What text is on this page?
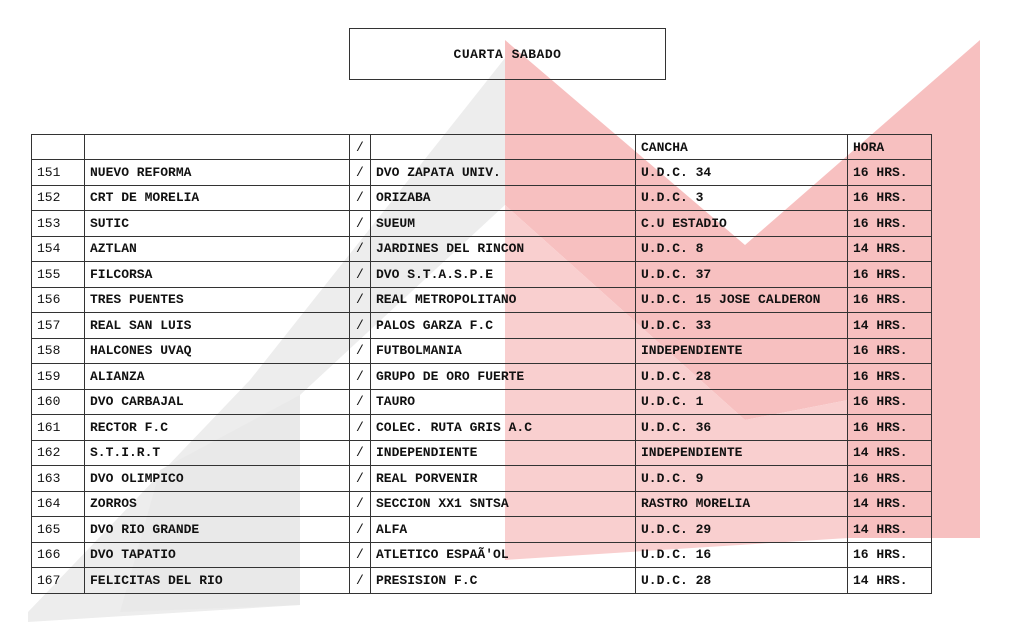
CUARTA SABADO
		/		CANCHA	HORA
151	NUEVO REFORMA	/	DVO ZAPATA UNIV.	U.D.C. 34	16 HRS.
152	CRT DE MORELIA	/	ORIZABA	U.D.C. 3	16 HRS.
153	SUTIC	/	SUEUM	C.U ESTADIO	16 HRS.
154	AZTLAN	/	JARDINES DEL RINCON	U.D.C. 8	14 HRS.
155	FILCORSA	/	DVO S.T.A.S.P.E	U.D.C. 37	16 HRS.
156	TRES PUENTES	/	REAL METROPOLITANO	U.D.C. 15 JOSE CALDERON	16 HRS.
157	REAL SAN LUIS	/	PALOS GARZA F.C	U.D.C. 33	14 HRS.
158	HALCONES UVAQ	/	FUTBOLMANIA	INDEPENDIENTE	16 HRS.
159	ALIANZA	/	GRUPO DE ORO FUERTE	U.D.C. 28	16 HRS.
160	DVO CARBAJAL	/	TAURO	U.D.C. 1	16 HRS.
161	RECTOR F.C	/	COLEC. RUTA GRIS A.C	U.D.C. 36	16 HRS.
162	S.T.I.R.T	/	INDEPENDIENTE	INDEPENDIENTE	14 HRS.
163	DVO OLIMPICO	/	REAL PORVENIR	U.D.C. 9	16 HRS.
164	ZORROS	/	SECCION XX1 SNTSA	RASTRO MORELIA	14 HRS.
165	DVO RIO GRANDE	/	ALFA	U.D.C. 29	14 HRS.
166	DVO TAPATIO	/	ATLETICO ESPAÃ'OL	U.D.C. 16	16 HRS.
167	FELICITAS DEL RIO	/	PRESISION F.C	U.D.C. 28	14 HRS.
